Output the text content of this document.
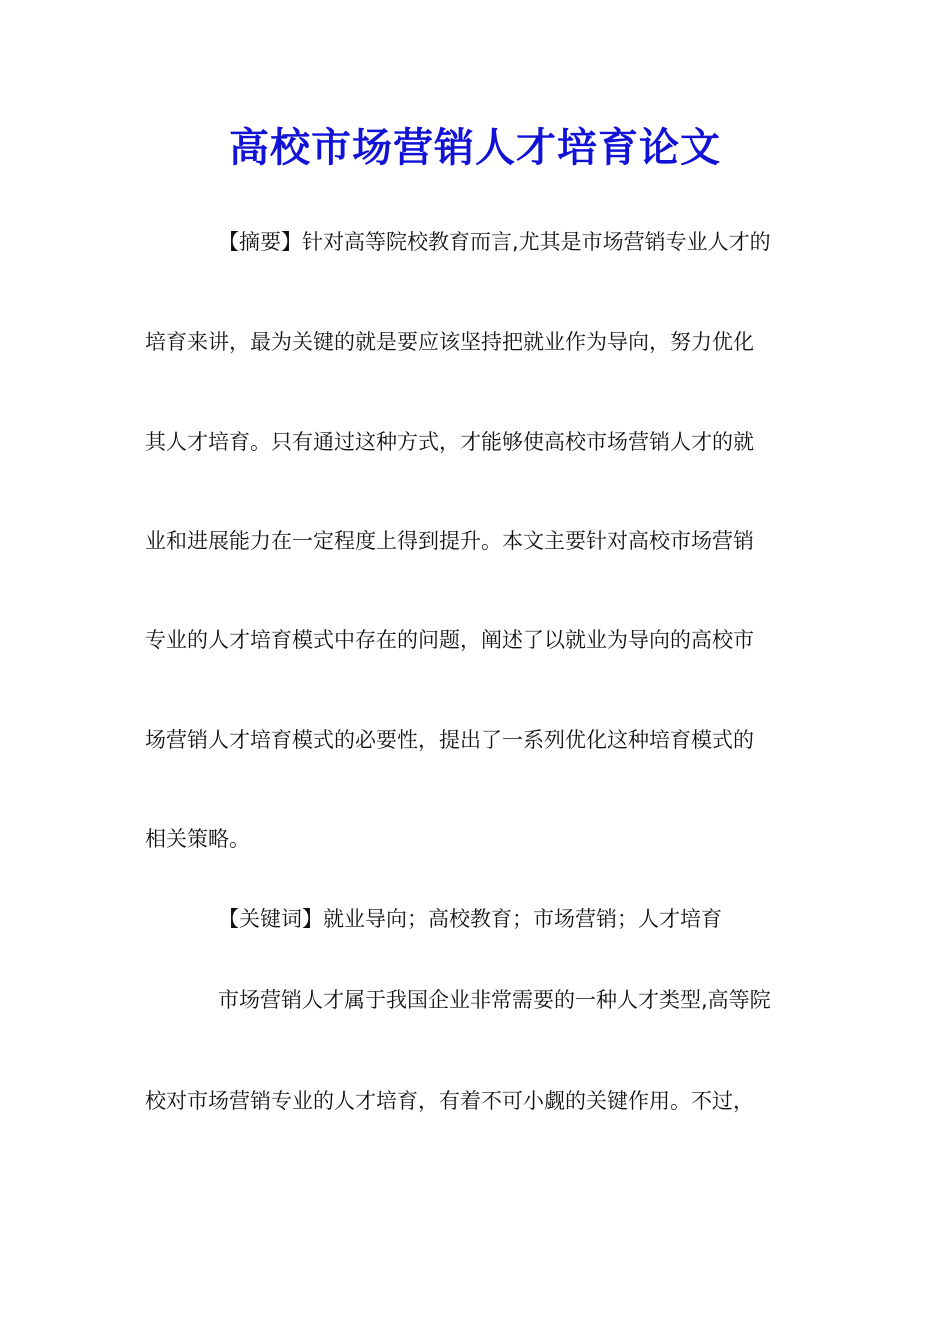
高校市场营销人才培育论文
【摘要】针对高等院校教育而言,尤其是市场营销专业人才的
培育来讲，最为关键的就是要应该坚持把就业作为导向，努力优化
其人才培育。只有通过这种方式，才能够使高校市场营销人才的就
业和进展能力在一定程度上得到提升。本文主要针对高校市场营销
专业的人才培育模式中存在的问题，阐述了以就业为导向的高校市
场营销人才培育模式的必要性，提出了一系列优化这种培育模式的
相关策略。
【关键词】就业导向；高校教育；市场营销；人才培育
市场营销人才属于我国企业非常需要的一种人才类型,高等院
校对市场营销专业的人才培育，有着不可小觑的关键作用。不过，
